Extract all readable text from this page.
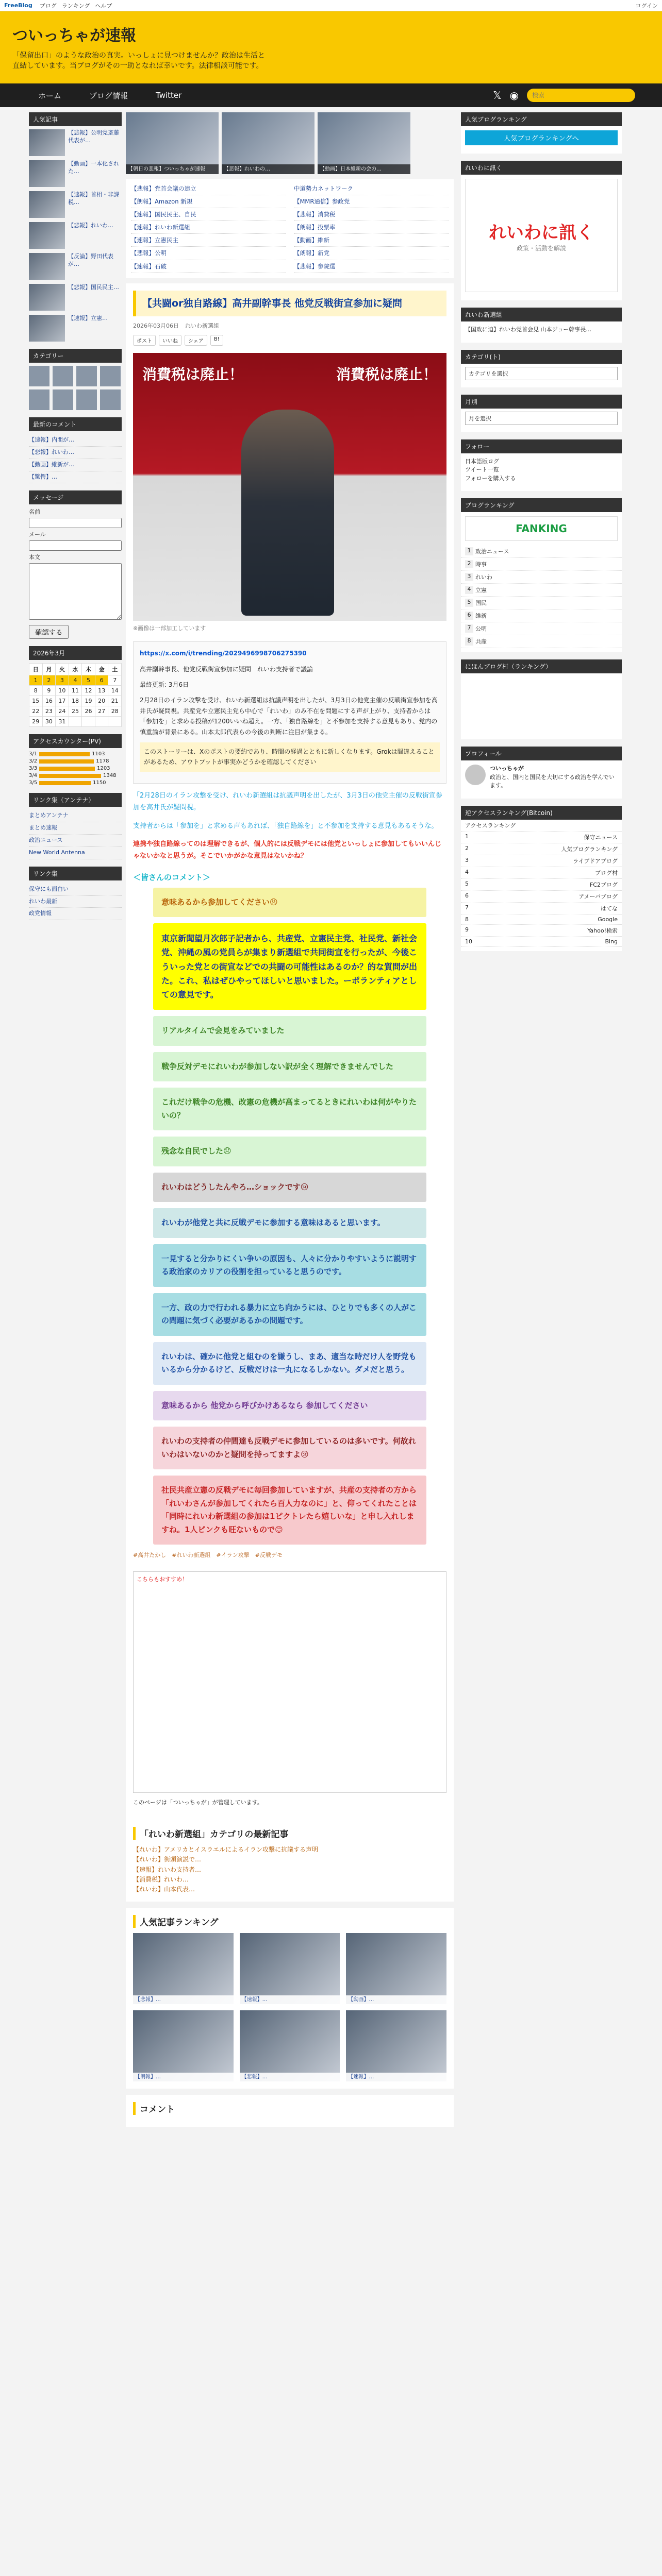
FreeBlog ブログ ランキング ヘルプ	ログイン
ついっちゃが速報
「保留出口」のような政治の真実。いっしょに見つけませんか？政治は生活と直結しています。当ブログがその一助となれば幸いです。法律相談可能です。
ホーム	ブログ情報	Twitter	𝕏 ◉
検索
人気記事
【悲報】公明党斎藤代表が…
【動画】一本化された…
【速報】首相・非課税…
【悲報】れいわ…
【反論】野田代表が…
【悲報】国民民主…
【速報】立憲…
カテゴリー
最新のコメント
【速報】内閣が…
【悲報】れいわ…
【動画】維新が…
【驚愕】…
メッセージ
名前
メール
本文
確認する
2026年3月
日	月	火	水	木	金	土
1	2	3	4	5	6	7
8	9	10	11	12	13	14
15	16	17	18	19	20	21
22	23	24	25	26	27	28
29	30	31				
アクセスカウンター(PV)
3/1	1103
3/2	1178
3/3	1203
3/4	1348
3/5	1150
リンク集（アンテナ）
まとめアンテナ
まとめ速報
政治ニュース
New World Antenna
リンク集
保守にも面白い
れいわ最新
政党情報
【朝日の悲報】ついっちゃが速報	【悲報】れいわの…	【動画】日本維新の会の…
【悲報】党首会議の連立	中道勢力ネットワーク
【朗報】Amazon 新規	【MMR通信】参政党
【速報】国民民主、自民	【悲報】消費税
【速報】れいわ新選組	【朗報】投票率
【速報】立憲民主	【動画】維新
【悲報】公明	【朗報】新党
【速報】石破	【悲報】参院選
【共闘or独自路線】高井副幹事長 他党反戦街宣参加に疑問
2026年03月06日 れいわ新選組
ポスト	いいね	シェア	B!
消費税は廃止！	消費税は廃止！
※画像は一部加工しています

https://x.com/i/trending/2029496998706275390

高井副幹事長、他党反戦街宣参加に疑問　れいわ支持者で議論

最終更新: 3月6日

2月28日のイラン攻撃を受け、れいわ新選組は抗議声明を出したが、3月3日の他党主催の反戦街宣参加を高井氏が疑問視。共産党や立憲民主党ら中心で「れいわ」のみ不在を問題にする声が上がり、支持者からは「参加を」と求める投稿が1200いいね超え。一方、「独自路線を」と不参加を支持する意見もあり、党内の慎重論が背景にある。山本太郎代表らの今後の判断に注目が集まる。

このストーリーは、Xのポストの要約であり、時間の経過とともに新しくなります。Grokは間違えることがあるため、アウトプットが事実かどうかを確認してください

「2月28日のイラン攻撃を受け、れいわ新選組は抗議声明を出したが、3月3日の他党主催の反戦街宣参加を高井氏が疑問視。

支持者からは「参加を」と求める声もあれば、「独自路線を」と不参加を支持する意見もあるそうな。

連携や独自路線ってのは理解できるが、個人的には反戦デモには他党といっしょに参加してもいいんじゃないかなと思うが。そこでいかがかな意見はないかね？

＜皆さんのコメント＞
意味あるから参加してください😠
東京新聞望月次郎子記者から、共産党、立憲民主党、社民党、新社会党、沖縄の風の党員らが集まり新選組で共同街宣を行ったが、今後こういった党との街宣などでの共闘の可能性はあるのか？的な質問が出た。これ、私はぜひやってほしいと思いました。ーポランティアとしての意見です。
リアルタイムで会見をみていました
戦争反対デモにれいわが参加しない訳が全く理解できませんでした
これだけ戦争の危機、改憲の危機が高まってるときにれいわは何がやりたいの？
残念な自民でした😞
れいわはどうしたんやろ…ショックです😢
れいわが他党と共に反戦デモに参加する意味はあると思います。
一見すると分かりにくい争いの原因も、人々に分かりやすいように説明する政治家のカリアの役割を担っていると思うのです。
一方、政の力で行われる暴力に立ち向かうには、ひとりでも多くの人がこの問題に気づく必要があるかの問題です。
れいわは、確かに他党と組むのを嫌うし、まあ、適当な時だけ人を野党もいるから分かるけど、反戦だけは一丸になるしかない。ダメだと思う。
意味あるから 他党から呼びかけあるなら 参加してください
れいわの支持者の仲間達も反戦デモに参加しているのは多いです。何故れいわはいないのかと疑問を持ってますよ😢
社民共産立憲の反戦デモに毎回参加していますが、共産の支持者の方から「れいわさんが参加してくれたら百人力なのに」と、仰ってくれたことは「同時にれいわ新選組の参加は1ピクトレたら嬉しいな」と申し入れしますね。1人ピンクも旺ないもので😊
#高井たかし　#れいわ新選組　#イラン攻撃　#反戦デモ
こちらもおすすめ！
このページは「ついっちゃが」が管理しています。
「れいわ新選組」カテゴリの最新記事
【れいわ】アメリカとイスラエルによるイラン攻撃に抗議する声明
【れいわ】街頭演説で…
【速報】れいわ支持者…
【消費税】れいわ…
【れいわ】山本代表…
人気記事ランキング
【悲報】…	【速報】…	【動画】…
【朗報】…	【悲報】…	【速報】…
コメント
人気ブログランキング
人気ブログランキングへ
れいわに訊く
れいわに訊く
政策・活動を解説
れいわ新選組
【国政に迫】れいわ党首会見 山本ジョー幹事長…
カテゴリ(ト)
カテゴリを選択
月別
月を選択
フォロー
日本語版ログ
ツイート一覧
フォローを購入する
ブログランキング
FANKING
1 政治ニュース
2 時事
3 れいわ
4 立憲
5 国民
6 維新
7 公明
8 共産
にほんブログ村（ランキング）
プロフィール
ついっちゃが
政治と、国内と国民を大切にする政治を学んでいます。
逆アクセスランキング(Bitcoin)
アクセスランキング
1	保守ニュース
2	人気ブログランキング
3	ライブドアブログ
4	ブログ村
5	FC2ブログ
6	アメーバブログ
7	はてな
8	Google
9	Yahoo!検索
10	Bing
